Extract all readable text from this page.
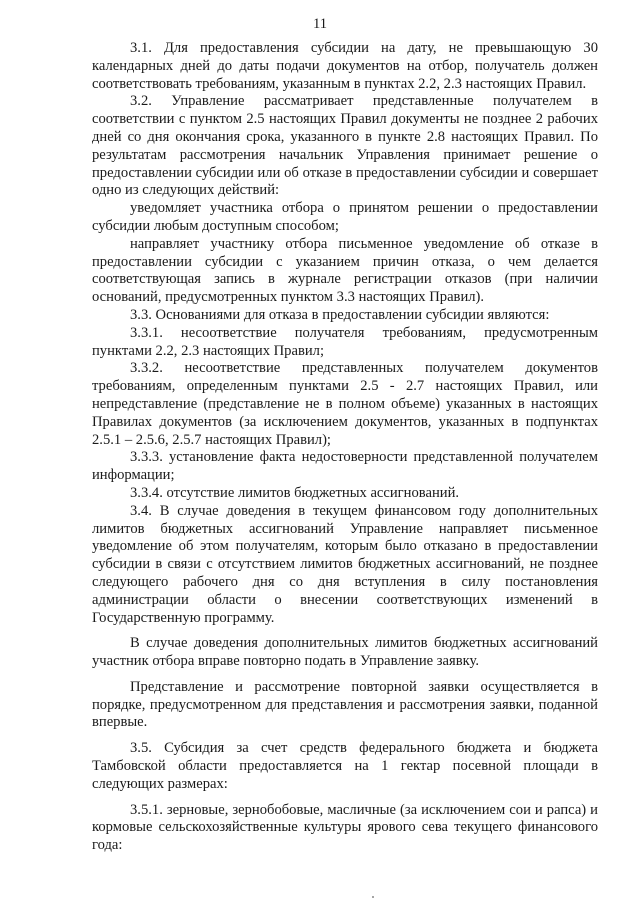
11

3.1. Для предоставления субсидии на дату, не превышающую 30 календарных дней до даты подачи документов на отбор, получатель должен соответствовать требованиям, указанным в пунктах 2.2, 2.3 настоящих Правил.

3.2. Управление рассматривает представленные получателем в соответствии с пунктом 2.5 настоящих Правил документы не позднее 2 рабочих дней со дня окончания срока, указанного в пункте 2.8 настоящих Правил. По результатам рассмотрения начальник Управления принимает решение о предоставлении субсидии или об отказе в предоставлении субсидии и совершает одно из следующих действий:

уведомляет участника отбора о принятом решении о предоставлении субсидии любым доступным способом;

направляет участнику отбора письменное уведомление об отказе в предоставлении субсидии с указанием причин отказа, о чем делается соответствующая запись в журнале регистрации отказов (при наличии оснований, предусмотренных пунктом 3.3 настоящих Правил).

3.3. Основаниями для отказа в предоставлении субсидии являются:

3.3.1. несоответствие получателя требованиям, предусмотренным пунктами 2.2, 2.3 настоящих Правил;

3.3.2. несоответствие представленных получателем документов требованиям, определенным пунктами 2.5 - 2.7 настоящих Правил, или непредставление (представление не в полном объеме) указанных в настоящих Правилах документов (за исключением документов, указанных в подпунктах 2.5.1 – 2.5.6, 2.5.7 настоящих Правил);

3.3.3. установление факта недостоверности представленной получателем информации;

3.3.4. отсутствие лимитов бюджетных ассигнований.

3.4. В случае доведения в текущем финансовом году дополнительных лимитов бюджетных ассигнований Управление направляет письменное уведомление об этом получателям, которым было отказано в предоставлении субсидии в связи с отсутствием лимитов бюджетных ассигнований, не позднее следующего рабочего дня со дня вступления в силу постановления администрации области о внесении соответствующих изменений в Государственную программу.

В случае доведения дополнительных лимитов бюджетных ассигнований участник отбора вправе повторно подать в Управление заявку.

Представление и рассмотрение повторной заявки осуществляется в порядке, предусмотренном для представления и рассмотрения заявки, поданной впервые.

3.5. Субсидия за счет средств федерального бюджета и бюджета Тамбовской области предоставляется на 1 гектар посевной площади в следующих размерах:

3.5.1. зерновые, зернобобовые, масличные (за исключением сои и рапса) и кормовые сельскохозяйственные культуры ярового сева текущего финансового года:
